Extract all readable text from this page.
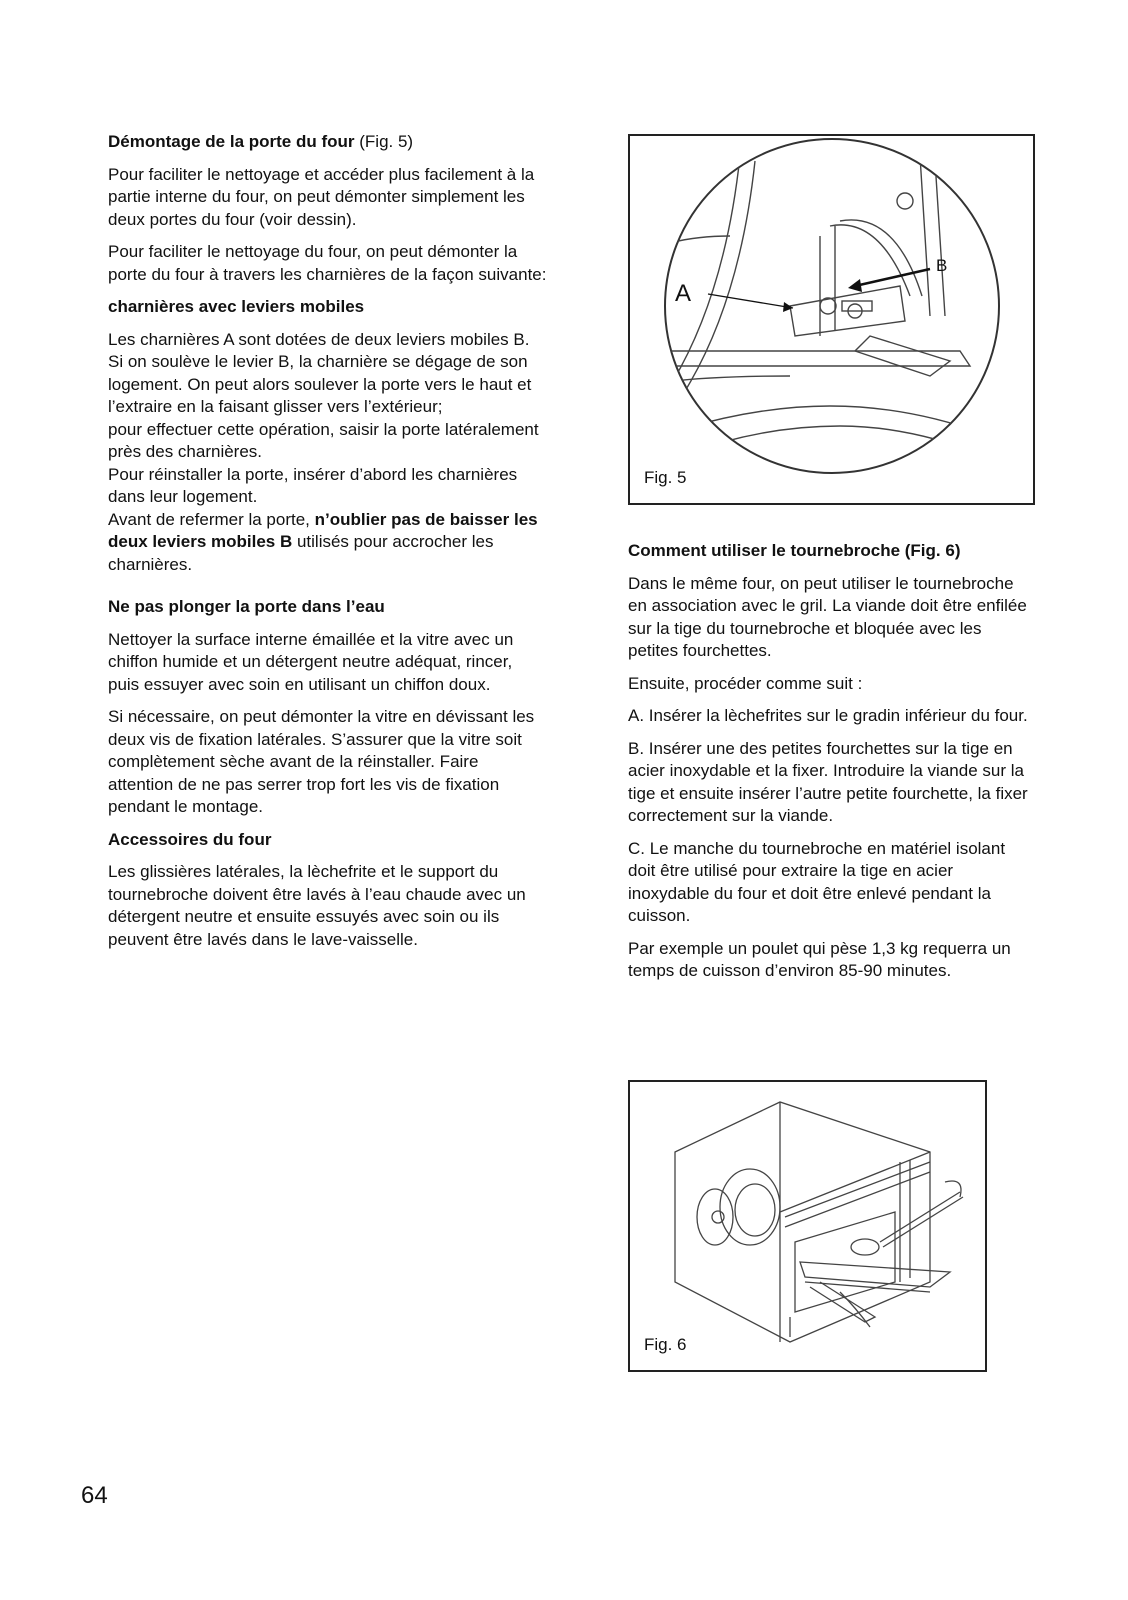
Démontage de la porte du four (Fig. 5)

Pour faciliter le nettoyage et accéder plus facilement à la partie interne du four, on peut démonter simplement les deux portes du four (voir dessin).

Pour faciliter le nettoyage du four, on peut démonter la porte du four à travers les charnières de la façon suivante:

charnières avec leviers mobiles

Les charnières A sont dotées de deux leviers mobiles B.
Si on soulève le levier B, la charnière se dégage de son logement. On peut alors soulever la porte vers le haut et l’extraire en la faisant glisser vers l’extérieur;
pour effectuer cette opération, saisir la porte latéralement près des charnières.
Pour réinstaller la porte, insérer d’abord les charnières dans leur logement.
Avant de refermer la porte, n’oublier pas de baisser les deux leviers mobiles B utilisés pour accrocher les charnières.

Ne pas plonger la porte dans l’eau

Nettoyer la surface interne émaillée et la vitre avec un chiffon humide et un détergent neutre adéquat, rincer, puis essuyer avec soin en utilisant un chiffon doux.

Si nécessaire, on peut démonter la vitre en dévissant les deux vis de fixation latérales. S’assurer que la vitre soit complètement sèche avant de la réinstaller. Faire attention de ne pas serrer trop fort les vis de fixation pendant le montage.

Accessoires du four

Les glissières latérales, la lèchefrite et le support du tournebroche doivent être lavés à l’eau chaude avec un détergent neutre et ensuite essuyés avec soin ou ils peuvent être lavés dans le lave-vaisselle.

A
B
Fig. 5

Comment utiliser le tournebroche (Fig. 6)

Dans le même four, on peut utiliser le tournebroche en association avec le gril. La viande doit être enfilée sur la tige du tournebroche et bloquée avec les petites fourchettes.

Ensuite, procéder comme suit :

A. Insérer la lèchefrites sur le gradin inférieur du four.

B. Insérer une des petites fourchettes sur la tige en acier inoxydable et la fixer. Introduire la viande sur la tige et ensuite insérer l’autre petite fourchette, la fixer correctement sur la viande.

C. Le manche du tournebroche en matériel isolant doit être utilisé pour extraire la tige en acier inoxydable du four et doit être enlevé pendant la cuisson.

Par exemple un poulet qui pèse 1,3 kg requerra un temps de cuisson d’environ 85-90 minutes.

Fig. 6
64
